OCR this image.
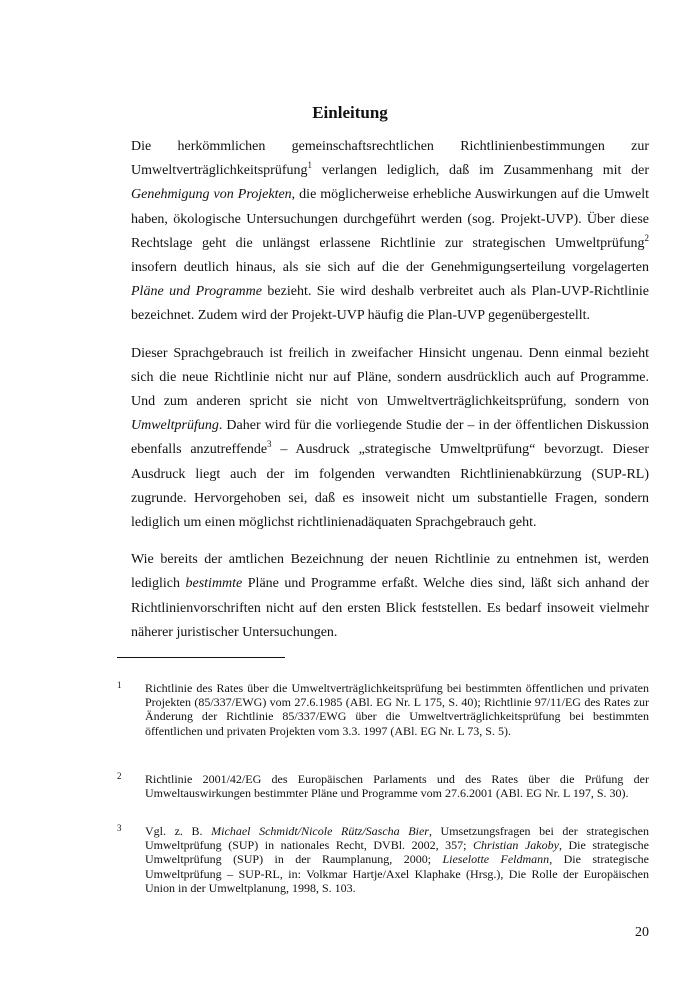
Einleitung

Die herkömmlichen gemeinschaftsrechtlichen Richtlinienbestimmungen zur Umweltverträglichkeitsprüfung$^1$ verlangen lediglich, daß im Zusammenhang mit der Genehmigung von Projekten, die möglicherweise erhebliche Auswirkungen auf die Umwelt haben, ökologische Untersuchungen durchgeführt werden (sog. Projekt-UVP). Über diese Rechtslage geht die unlängst erlassene Richtlinie zur strategischen Umweltprüfung$^2$ insofern deutlich hinaus, als sie sich auf die der Genehmigungserteilung vorgelagerten Pläne und Programme bezieht. Sie wird deshalb verbreitet auch als Plan-UVP-Richtlinie bezeichnet. Zudem wird der Projekt-UVP häufig die Plan-UVP gegenübergestellt.

Dieser Sprachgebrauch ist freilich in zweifacher Hinsicht ungenau. Denn einmal bezieht sich die neue Richtlinie nicht nur auf Pläne, sondern ausdrücklich auch auf Programme. Und zum anderen spricht sie nicht von Umweltverträglichkeitsprüfung, sondern von Umweltprüfung. Daher wird für die vorliegende Studie der – in der öffentlichen Diskussion ebenfalls anzutreffende$^3$ – Ausdruck „strategische Umweltprüfung“ bevorzugt. Dieser Ausdruck liegt auch der im folgenden verwandten Richtlinienabkürzung (SUP-RL) zugrunde. Hervorgehoben sei, daß es insoweit nicht um substantielle Fragen, sondern lediglich um einen möglichst richtlinienadäquaten Sprachgebrauch geht.

Wie bereits der amtlichen Bezeichnung der neuen Richtlinie zu entnehmen ist, werden lediglich bestimmte Pläne und Programme erfaßt. Welche dies sind, läßt sich anhand der Richtlinienvorschriften nicht auf den ersten Blick feststellen. Es bedarf insoweit vielmehr näherer juristischer Untersuchungen.

1 Richtlinie des Rates über die Umweltverträglichkeitsprüfung bei bestimmten öffentlichen und privaten Projekten (85/337/EWG) vom 27.6.1985 (ABl. EG Nr. L 175, S. 40); Richtlinie 97/11/EG des Rates zur Änderung der Richtlinie 85/337/EWG über die Umweltverträglichkeitsprüfung bei bestimmten öffentlichen und privaten Projekten vom 3.3. 1997 (ABl. EG Nr. L 73, S. 5).
2 Richtlinie 2001/42/EG des Europäischen Parlaments und des Rates über die Prüfung der Umweltauswirkungen bestimmter Pläne und Programme vom 27.6.2001 (ABl. EG Nr. L 197, S. 30).
3 Vgl. z. B. Michael Schmidt/Nicole Rütz/Sascha Bier, Umsetzungsfragen bei der strategischen Umweltprüfung (SUP) in nationales Recht, DVBl. 2002, 357; Christian Jakoby, Die strategische Umweltprüfung (SUP) in der Raumplanung, 2000; Lieselotte Feldmann, Die strategische Umweltprüfung – SUP-RL, in: Volkmar Hartje/Axel Klaphake (Hrsg.), Die Rolle der Europäischen Union in der Umweltplanung, 1998, S. 103.
20
